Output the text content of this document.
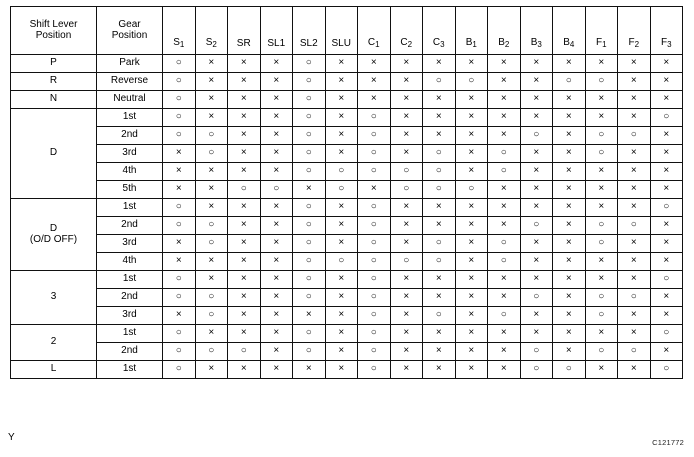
Shift Lever
Position

Gear
Position
	$S_1$	$S_2$	SR	SL1	SL2	SLU	$C_1$	$C_2$	$C_3$	$B_1$	$B_2$	$B_3$	$B_4$	$F_1$	$F_2$	$F_3$

P	Park	○	×	×	×	○	×	×	×	×	×	×	×	×	×	×	×

R	Reverse	○	×	×	×	○	×	×	×	○	○	×	×	○	○	×	×

N	Neutral	○	×	×	×	○	×	×	×	×	×	×	×	×	×	×	×

D	1st	○	×	×	×	○	×	○	×	×	×	×	×	×	×	×	○
	2nd	○	○	×	×	○	×	○	×	×	×	×	○	×	○	○	×
	3rd	×	○	×	×	○	×	○	×	○	×	○	×	×	○	×	×
	4th	×	×	×	×	○	○	○	○	○	×	○	×	×	×	×	×
	5th	×	×	○	○	×	○	×	○	○	○	×	×	×	×	×	×

D
(O/D OFF)	1st	○	×	×	×	○	×	○	×	×	×	×	×	×	×	×	○
	2nd	○	○	×	×	○	×	○	×	×	×	×	○	×	○	○	×
	3rd	×	○	×	×	○	×	○	×	○	×	○	×	×	○	×	×
	4th	×	×	×	×	○	○	○	○	○	×	○	×	×	×	×	×

3	1st	○	×	×	×	○	×	○	×	×	×	×	×	×	×	×	○
	2nd	○	○	×	×	○	×	○	×	×	×	×	○	×	○	○	×
	3rd	×	○	×	×	×	×	○	×	○	×	○	×	×	○	×	×

2	1st	○	×	×	×	○	×	○	×	×	×	×	×	×	×	×	○
	2nd	○	○	○	×	○	×	○	×	×	×	×	○	×	○	○	×

L	1st	○	×	×	×	×	×	○	×	×	×	×	○	○	×	×	○
Y	C121772
